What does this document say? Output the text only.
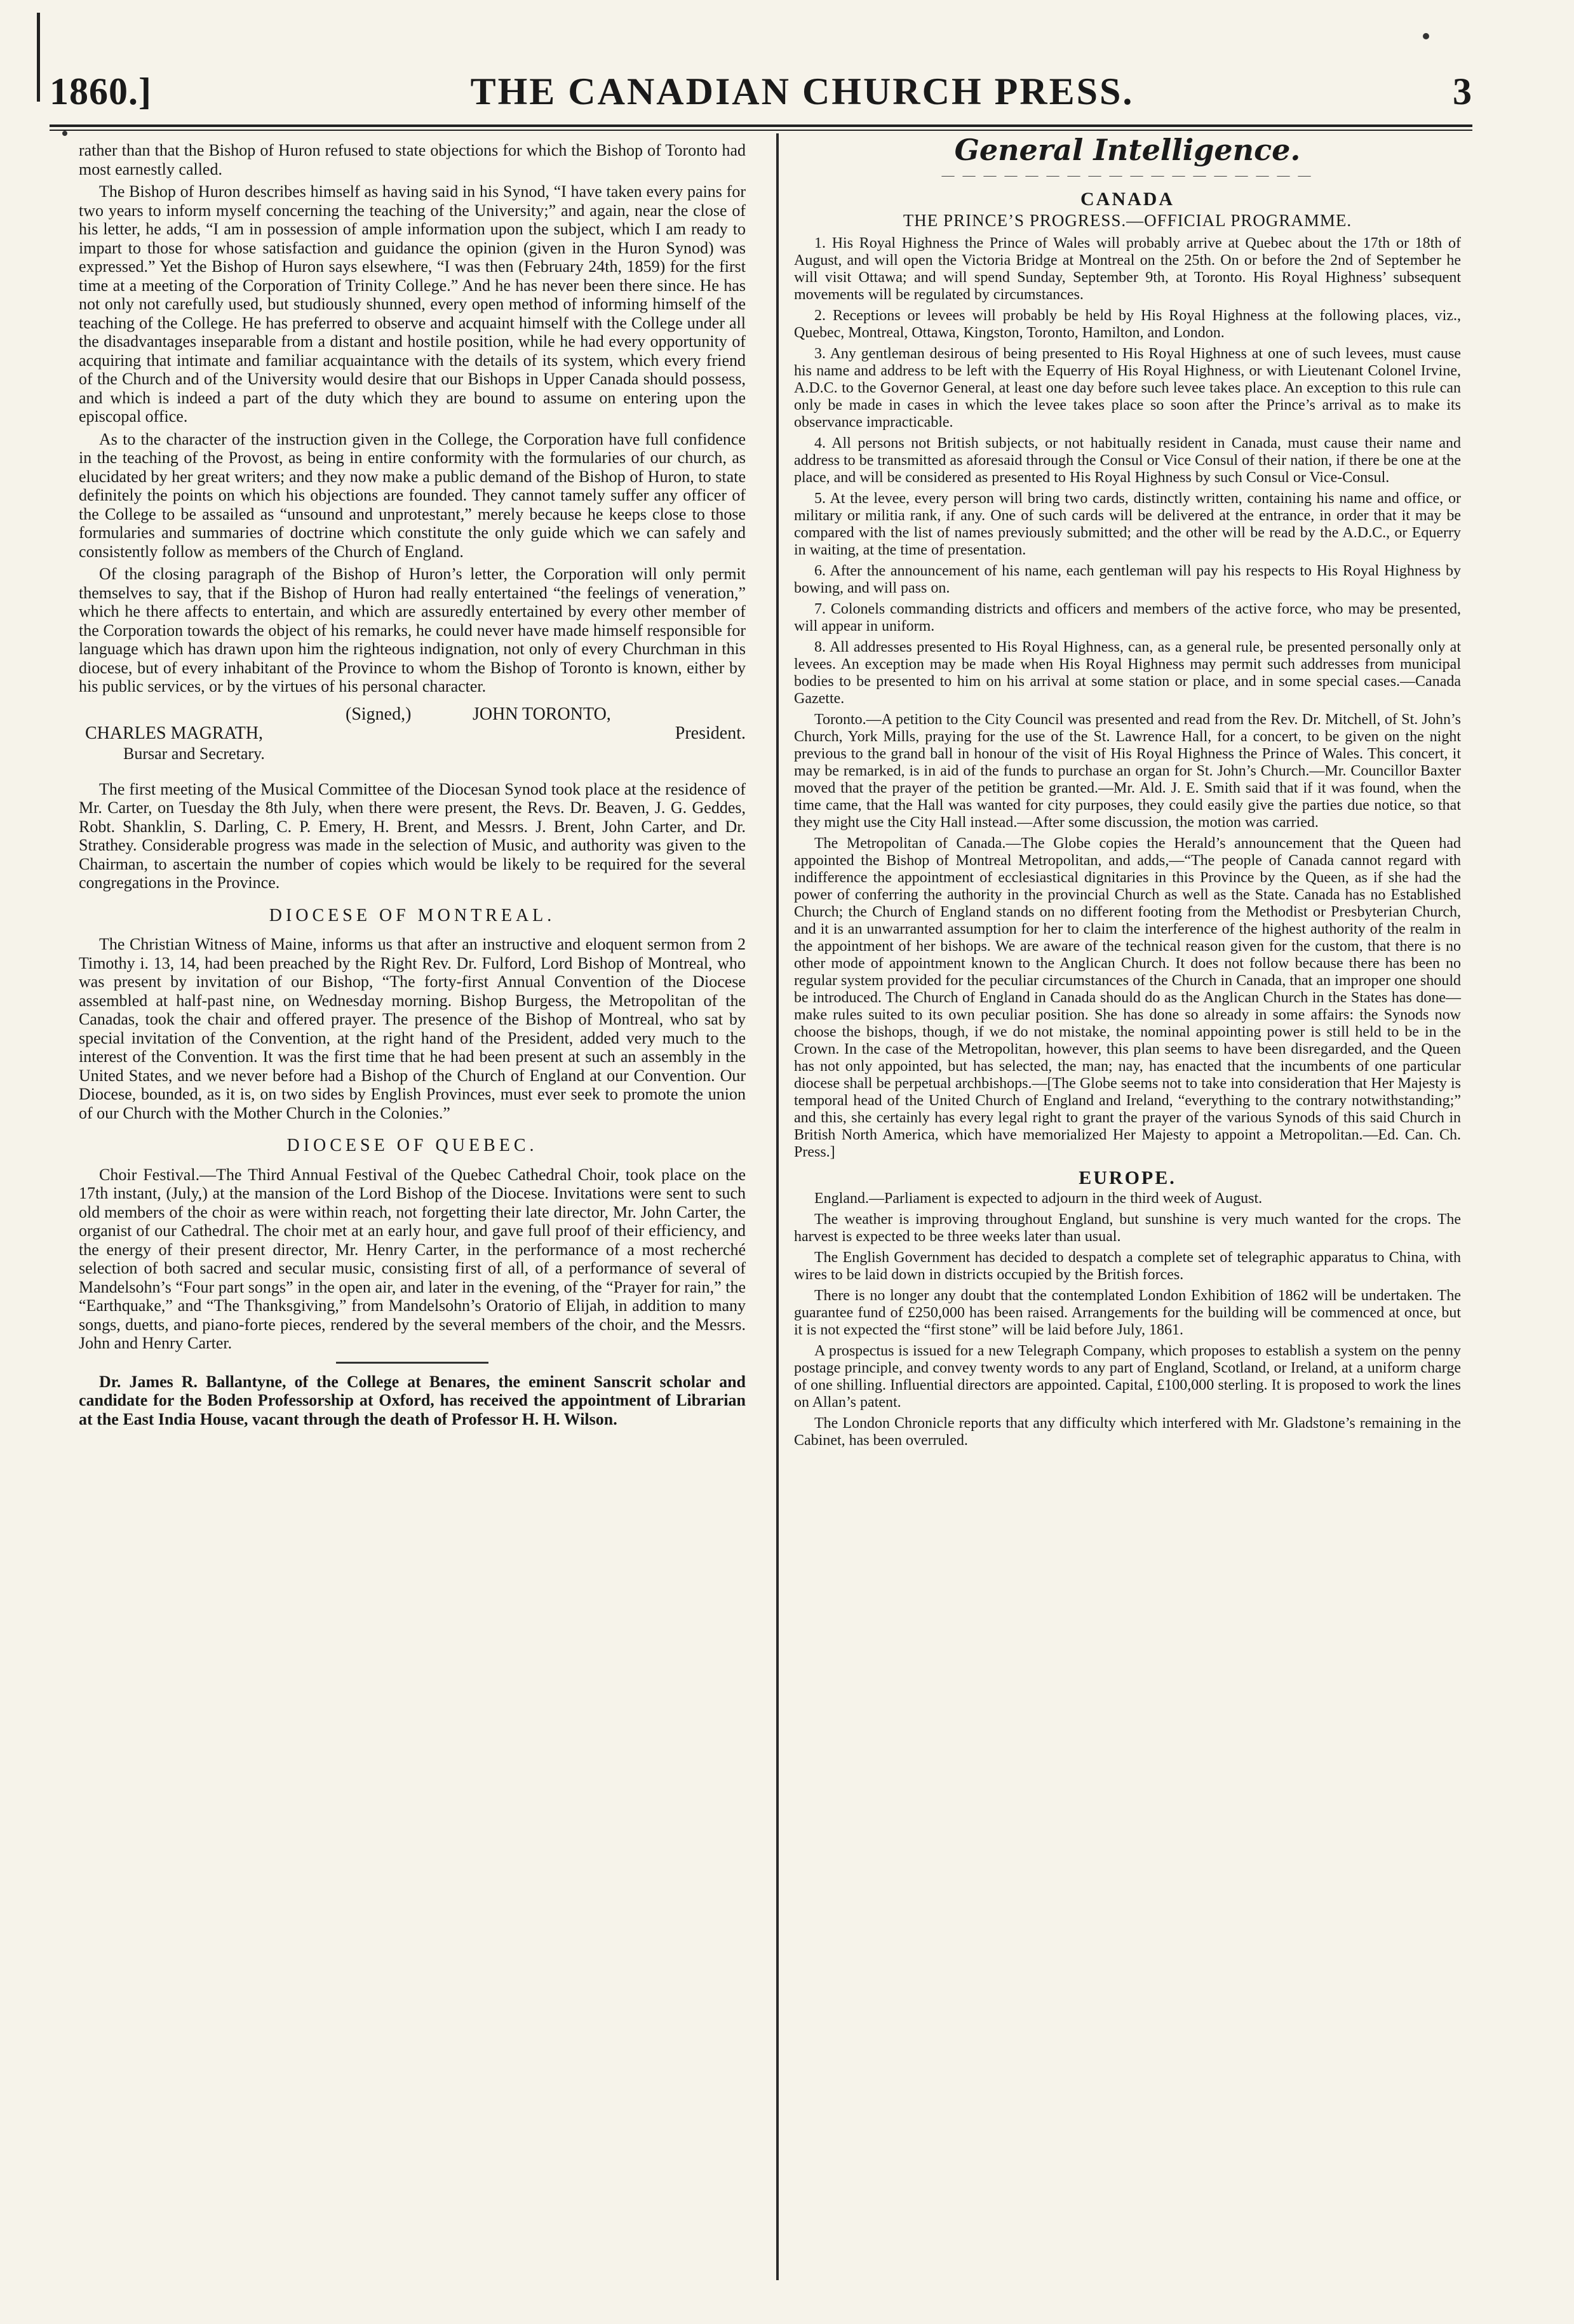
1860.]	THE CANADIAN CHURCH PRESS.	3

rather than that the Bishop of Huron refused to state objections for which the Bishop of Toronto had most earnestly called.

The Bishop of Huron describes himself as having said in his Synod, “I have taken every pains for two years to inform myself concerning the teaching of the University;” and again, near the close of his letter, he adds, “I am in possession of ample information upon the subject, which I am ready to impart to those for whose satisfaction and guidance the opinion (given in the Huron Synod) was expressed.” Yet the Bishop of Huron says elsewhere, “I was then (February 24th, 1859) for the first time at a meeting of the Corporation of Trinity College.” And he has never been there since. He has not only not carefully used, but studiously shunned, every open method of informing himself of the teaching of the College. He has preferred to observe and acquaint himself with the College under all the disadvantages inseparable from a distant and hostile position, while he had every opportunity of acquiring that intimate and familiar acquaintance with the details of its system, which every friend of the Church and of the University would desire that our Bishops in Upper Canada should possess, and which is indeed a part of the duty which they are bound to assume on entering upon the episcopal office.

As to the character of the instruction given in the College, the Corporation have full confidence in the teaching of the Provost, as being in entire conformity with the formularies of our church, as elucidated by her great writers; and they now make a public demand of the Bishop of Huron, to state definitely the points on which his objections are founded. They cannot tamely suffer any officer of the College to be assailed as “unsound and unprotestant,” merely because he keeps close to those formularies and summaries of doctrine which constitute the only guide which we can safely and consistently follow as members of the Church of England.

Of the closing paragraph of the Bishop of Huron’s letter, the Corporation will only permit themselves to say, that if the Bishop of Huron had really entertained “the feelings of veneration,” which he there affects to entertain, and which are assuredly entertained by every other member of the Corporation towards the object of his remarks, he could never have made himself responsible for language which has drawn upon him the righteous indignation, not only of every Churchman in this diocese, but of every inhabitant of the Province to whom the Bishop of Toronto is known, either by his public services, or by the virtues of his personal character.

(Signed,)	JOHN TORONTO,
CHARLES MAGRATH,	President.
Bursar and Secretary.

The first meeting of the Musical Committee of the Diocesan Synod took place at the residence of Mr. Carter, on Tuesday the 8th July, when there were present, the Revs. Dr. Beaven, J. G. Geddes, Robt. Shanklin, S. Darling, C. P. Emery, H. Brent, and Messrs. J. Brent, John Carter, and Dr. Strathey. Considerable progress was made in the selection of Music, and authority was given to the Chairman, to ascertain the number of copies which would be likely to be required for the several congregations in the Province.

DIOCESE OF MONTREAL.

The Christian Witness of Maine, informs us that after an instructive and eloquent sermon from 2 Timothy i. 13, 14, had been preached by the Right Rev. Dr. Fulford, Lord Bishop of Montreal, who was present by invitation of our Bishop, “The forty-first Annual Convention of the Diocese assembled at half-past nine, on Wednesday morning. Bishop Burgess, the Metropolitan of the Canadas, took the chair and offered prayer. The presence of the Bishop of Montreal, who sat by special invitation of the Convention, at the right hand of the President, added very much to the interest of the Convention. It was the first time that he had been present at such an assembly in the United States, and we never before had a Bishop of the Church of England at our Convention. Our Diocese, bounded, as it is, on two sides by English Provinces, must ever seek to promote the union of our Church with the Mother Church in the Colonies.”

DIOCESE OF QUEBEC.

Choir Festival.—The Third Annual Festival of the Quebec Cathedral Choir, took place on the 17th instant, (July,) at the mansion of the Lord Bishop of the Diocese. Invitations were sent to such old members of the choir as were within reach, not forgetting their late director, Mr. John Carter, the organist of our Cathedral. The choir met at an early hour, and gave full proof of their efficiency, and the energy of their present director, Mr. Henry Carter, in the performance of a most recherché selection of both sacred and secular music, consisting first of all, of a performance of several of Mandelsohn’s “Four part songs” in the open air, and later in the evening, of the “Prayer for rain,” the “Earthquake,” and “The Thanksgiving,” from Mandelsohn’s Oratorio of Elijah, in addition to many songs, duetts, and piano-forte pieces, rendered by the several members of the choir, and the Messrs. John and Henry Carter.

Dr. James R. Ballantyne, of the College at Benares, the eminent Sanscrit scholar and candidate for the Boden Professorship at Oxford, has received the appointment of Librarian at the East India House, vacant through the death of Professor H. H. Wilson.

General Intelligence.
— — — — — — — — — — — — — — — — — —
CANADA
THE PRINCE’S PROGRESS.—OFFICIAL PROGRAMME.

1. His Royal Highness the Prince of Wales will probably arrive at Quebec about the 17th or 18th of August, and will open the Victoria Bridge at Montreal on the 25th. On or before the 2nd of September he will visit Ottawa; and will spend Sunday, September 9th, at Toronto. His Royal Highness’ subsequent movements will be regulated by circumstances.

2. Receptions or levees will probably be held by His Royal Highness at the following places, viz., Quebec, Montreal, Ottawa, Kingston, Toronto, Hamilton, and London.

3. Any gentleman desirous of being presented to His Royal Highness at one of such levees, must cause his name and address to be left with the Equerry of His Royal Highness, or with Lieutenant Colonel Irvine, A.D.C. to the Governor General, at least one day before such levee takes place. An exception to this rule can only be made in cases in which the levee takes place so soon after the Prince’s arrival as to make its observance impracticable.

4. All persons not British subjects, or not habitually resident in Canada, must cause their name and address to be transmitted as aforesaid through the Consul or Vice Consul of their nation, if there be one at the place, and will be considered as presented to His Royal Highness by such Consul or Vice-Consul.

5. At the levee, every person will bring two cards, distinctly written, containing his name and office, or military or militia rank, if any. One of such cards will be delivered at the entrance, in order that it may be compared with the list of names previously submitted; and the other will be read by the A.D.C., or Equerry in waiting, at the time of presentation.

6. After the announcement of his name, each gentleman will pay his respects to His Royal Highness by bowing, and will pass on.

7. Colonels commanding districts and officers and members of the active force, who may be presented, will appear in uniform.

8. All addresses presented to His Royal Highness, can, as a general rule, be presented personally only at levees. An exception may be made when His Royal Highness may permit such addresses from municipal bodies to be presented to him on his arrival at some station or place, and in some special cases.—Canada Gazette.

Toronto.—A petition to the City Council was presented and read from the Rev. Dr. Mitchell, of St. John’s Church, York Mills, praying for the use of the St. Lawrence Hall, for a concert, to be given on the night previous to the grand ball in honour of the visit of His Royal Highness the Prince of Wales. This concert, it may be remarked, is in aid of the funds to purchase an organ for St. John’s Church.—Mr. Councillor Baxter moved that the prayer of the petition be granted.—Mr. Ald. J. E. Smith said that if it was found, when the time came, that the Hall was wanted for city purposes, they could easily give the parties due notice, so that they might use the City Hall instead.—After some discussion, the motion was carried.

The Metropolitan of Canada.—The Globe copies the Herald’s announcement that the Queen had appointed the Bishop of Montreal Metropolitan, and adds,—“The people of Canada cannot regard with indifference the appointment of ecclesiastical dignitaries in this Province by the Queen, as if she had the power of conferring the authority in the provincial Church as well as the State. Canada has no Established Church; the Church of England stands on no different footing from the Methodist or Presbyterian Church, and it is an unwarranted assumption for her to claim the interference of the highest authority of the realm in the appointment of her bishops. We are aware of the technical reason given for the custom, that there is no other mode of appointment known to the Anglican Church. It does not follow because there has been no regular system provided for the peculiar circumstances of the Church in Canada, that an improper one should be introduced. The Church of England in Canada should do as the Anglican Church in the States has done—make rules suited to its own peculiar position. She has done so already in some affairs: the Synods now choose the bishops, though, if we do not mistake, the nominal appointing power is still held to be in the Crown. In the case of the Metropolitan, however, this plan seems to have been disregarded, and the Queen has not only appointed, but has selected, the man; nay, has enacted that the incumbents of one particular diocese shall be perpetual archbishops.—[The Globe seems not to take into consideration that Her Majesty is temporal head of the United Church of England and Ireland, “everything to the contrary notwithstanding;” and this, she certainly has every legal right to grant the prayer of the various Synods of this said Church in British North America, which have memorialized Her Majesty to appoint a Metropolitan.—Ed. Can. Ch. Press.]

EUROPE.

England.—Parliament is expected to adjourn in the third week of August.

The weather is improving throughout England, but sunshine is very much wanted for the crops. The harvest is expected to be three weeks later than usual.

The English Government has decided to despatch a complete set of telegraphic apparatus to China, with wires to be laid down in districts occupied by the British forces.

There is no longer any doubt that the contemplated London Exhibition of 1862 will be undertaken. The guarantee fund of £250,000 has been raised. Arrangements for the building will be commenced at once, but it is not expected the “first stone” will be laid before July, 1861.

A prospectus is issued for a new Telegraph Company, which proposes to establish a system on the penny postage principle, and convey twenty words to any part of England, Scotland, or Ireland, at a uniform charge of one shilling. Influential directors are appointed. Capital, £100,000 sterling. It is proposed to work the lines on Allan’s patent.

The London Chronicle reports that any difficulty which interfered with Mr. Gladstone’s remaining in the Cabinet, has been overruled.
